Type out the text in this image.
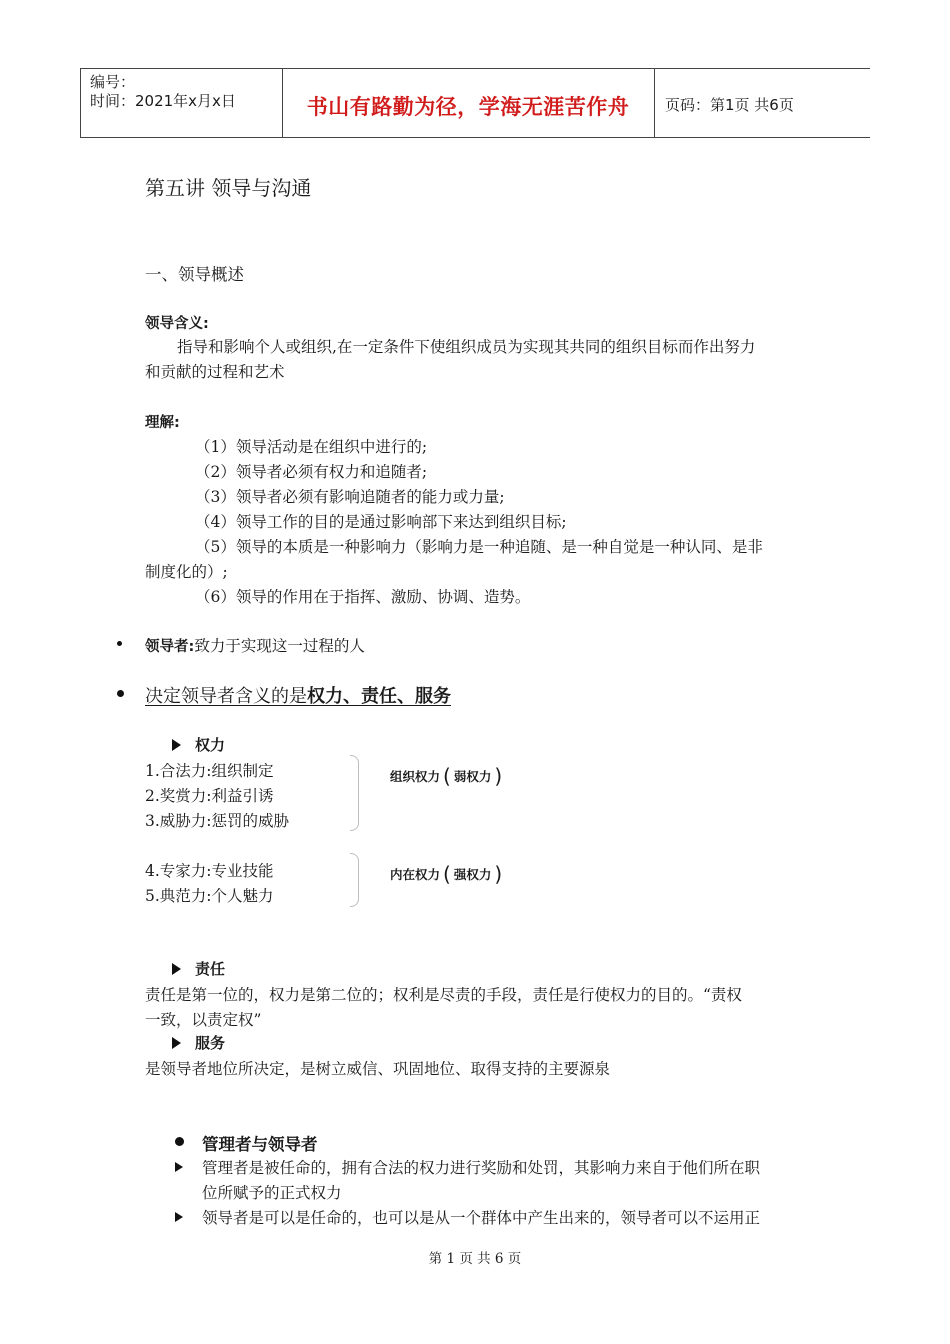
编号：
时间：2021年x月x日	书山有路勤为径，学海无涯苦作舟	页码：第1页 共6页
第五讲 领导与沟通
一、领导概述
领导含义:
指导和影响个人或组织,在一定条件下使组织成员为实现其共同的组织目标而作出努力
和贡献的过程和艺术
理解:
（1）领导活动是在组织中进行的;
（2）领导者必须有权力和追随者;
（3）领导者必须有影响追随者的能力或力量;
（4）领导工作的目的是通过影响部下来达到组织目标;
（5）领导的本质是一种影响力（影响力是一种追随、是一种自觉是一种认同、是非
制度化的）;
（6）领导的作用在于指挥、激励、协调、造势。
领导者:致力于实现这一过程的人
决定领导者含义的是权力、责任、服务
权力
1.合法力:组织制定
2.奖赏力:利益引诱
3.威胁力:惩罚的威胁
4.专家力:专业技能
5.典范力:个人魅力
组织权力 ( 弱权力 )
内在权力 ( 强权力 )
责任
责任是第一位的，权力是第二位的；权利是尽责的手段，责任是行使权力的目的。“责权
一致，以责定权”
服务
是领导者地位所决定，是树立威信、巩固地位、取得支持的主要源泉
管理者与领导者
管理者是被任命的，拥有合法的权力进行奖励和处罚，其影响力来自于他们所在职
位所赋予的正式权力
领导者是可以是任命的，也可以是从一个群体中产生出来的，领导者可以不运用正
第 1 页 共 6 页
